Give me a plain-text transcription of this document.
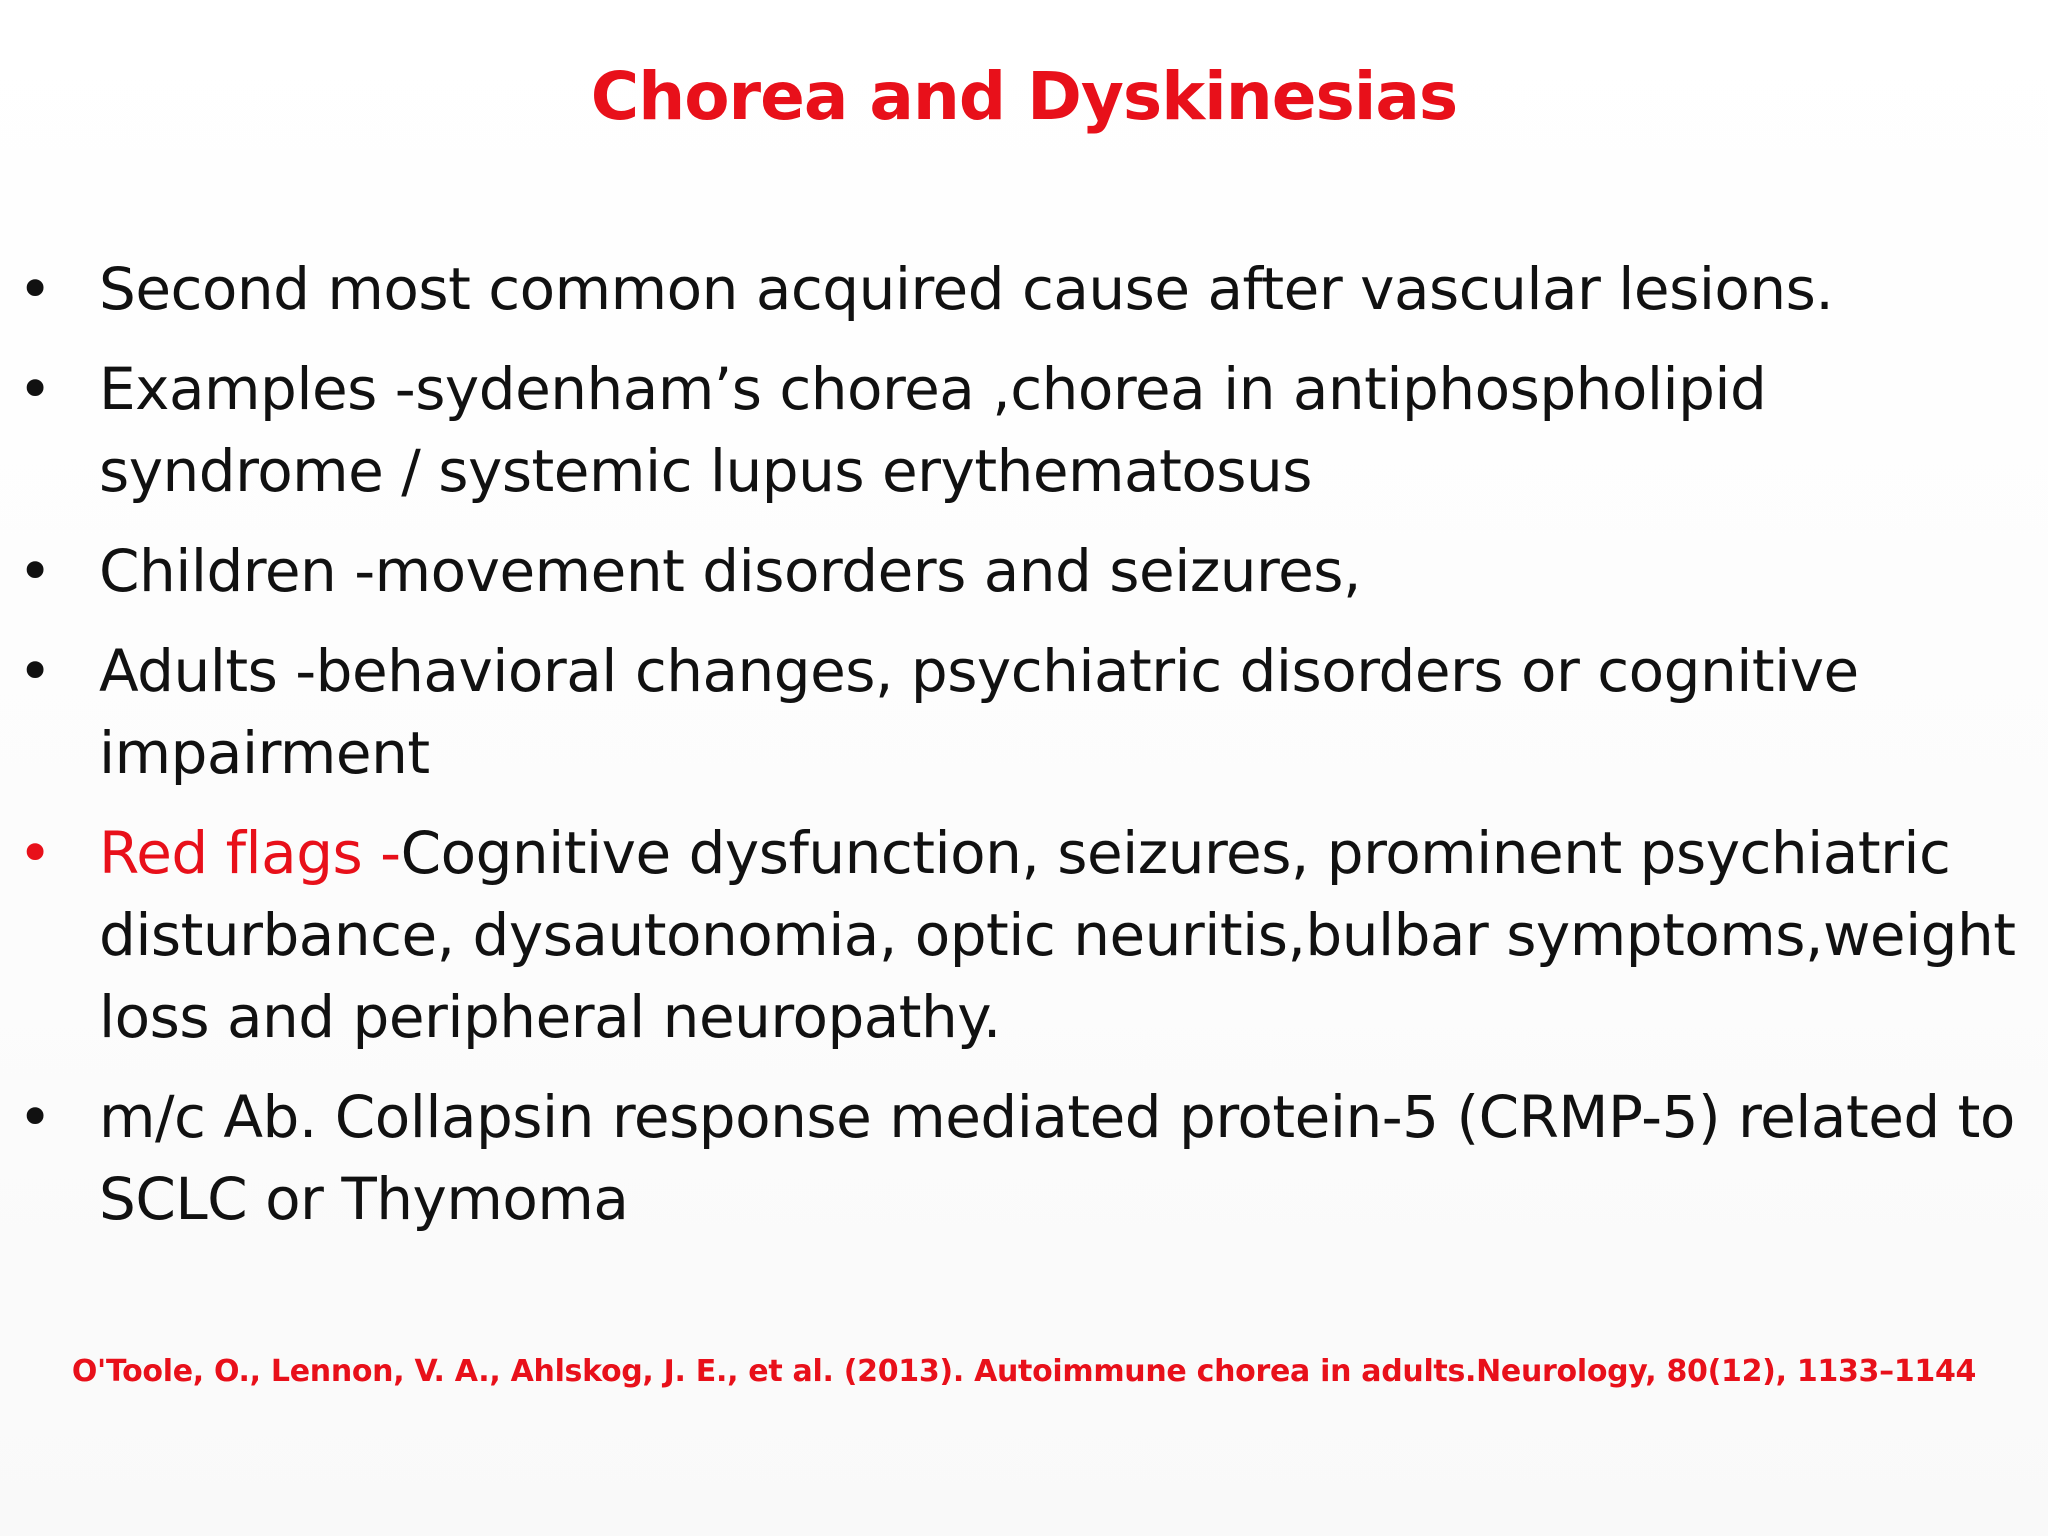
Chorea and Dyskinesias
• Second most common acquired cause after vascular lesions.
• Examples -sydenham’s chorea ,chorea in antiphospholipid syndrome / systemic lupus erythematosus
• Children -movement disorders and seizures,
• Adults -behavioral changes, psychiatric disorders or cognitive impairment
• Red flags -Cognitive dysfunction, seizures, prominent psychiatric disturbance, dysautonomia, optic neuritis,bulbar symptoms,weight loss and peripheral neuropathy.
• m/c Ab. Collapsin response mediated protein-5 (CRMP-5) related to SCLC or Thymoma
O'Toole, O., Lennon, V. A., Ahlskog, J. E., et al. (2013). Autoimmune chorea in adults.Neurology, 80(12), 1133–1144
